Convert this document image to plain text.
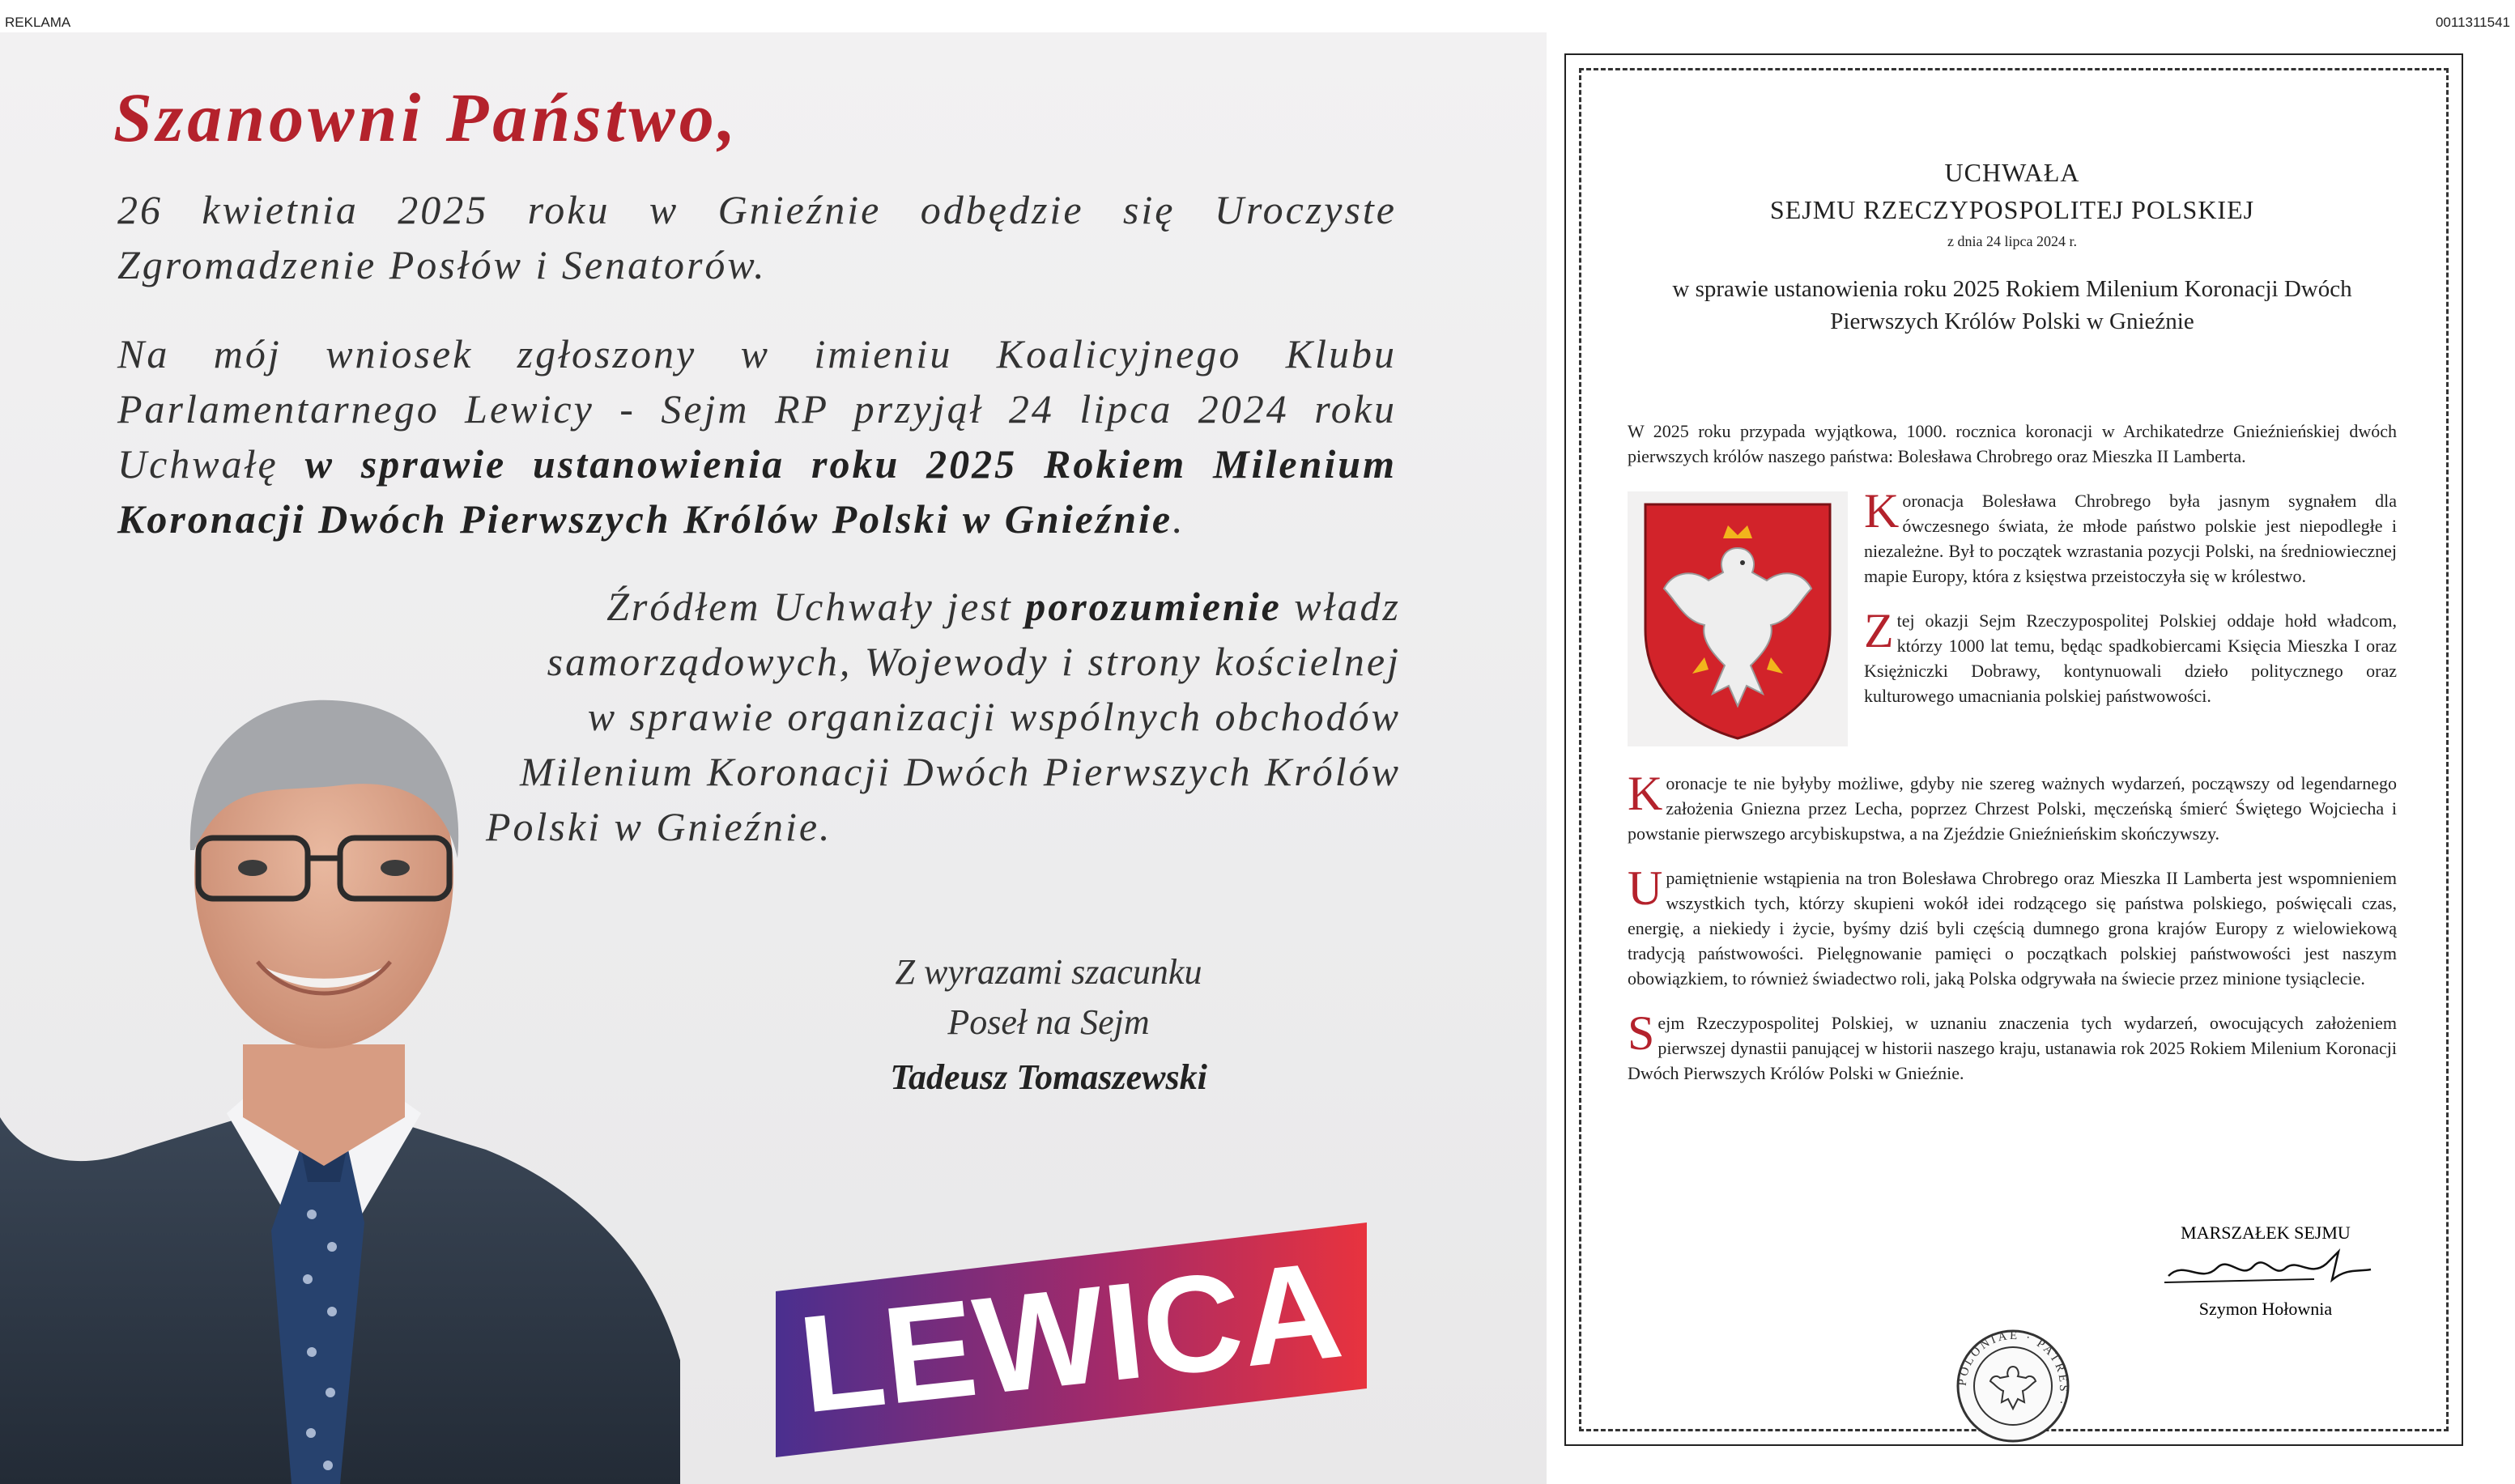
REKLAMA	0011311541
Szanowni Państwo,
26 kwietnia 2025 roku w Gnieźnie odbędzie się Uroczyste Zgromadzenie Posłów i Senatorów.
Na mój wniosek zgłoszony w imieniu Koalicyjnego Klubu Parlamentarnego Lewicy - Sejm RP przyjął 24 lipca 2024 roku Uchwałę w sprawie ustanowienia roku 2025 Rokiem Milenium Koronacji Dwóch Pierwszych Królów Polski w Gnieźnie.
Źródłem Uchwały jest porozumienie władz
samorządowych, Wojewody i strony kościelnej
w sprawie organizacji wspólnych obchodów
Milenium Koronacji Dwóch Pierwszych Królów
Polski w Gnieźnie.
Z wyrazami szacunku
Poseł na Sejm
Tadeusz Tomaszewski
LEWICA
UCHWAŁA
SEJMU RZECZYPOSPOLITEJ POLSKIEJ
z dnia 24 lipca 2024 r.
w sprawie ustanowienia roku 2025 Rokiem Milenium Koronacji Dwóch Pierwszych Królów Polski w Gnieźnie
W 2025 roku przypada wyjątkowa, 1000. rocznica koronacji w Archikatedrze Gnieźnieńskiej dwóch pierwszych królów naszego państwa: Bolesława Chrobrego oraz Mieszka II Lamberta.
Koronacja Bolesława Chrobrego była jasnym sygnałem dla ówczesnego świata, że młode państwo polskie jest niepodległe i niezależne. Był to początek wzrastania pozycji Polski, na średniowiecznej mapie Europy, która z księstwa przeistoczyła się w królestwo.
Z tej okazji Sejm Rzeczypospolitej Polskiej oddaje hołd władcom, którzy 1000 lat temu, będąc spadkobiercami Księcia Mieszka I oraz Księżniczki Dobrawy, kontynuowali dzieło politycznego oraz kulturowego umacniania polskiej państwowości.
Koronacje te nie byłyby możliwe, gdyby nie szereg ważnych wydarzeń, począwszy od legendarnego założenia Gniezna przez Lecha, poprzez Chrzest Polski, męczeńską śmierć Świętego Wojciecha i powstanie pierwszego arcybiskupstwa, a na Zjeździe Gnieźnieńskim skończywszy.
Upamiętnienie wstąpienia na tron Bolesława Chrobrego oraz Mieszka II Lamberta jest wspomnieniem wszystkich tych, którzy skupieni wokół idei rodzącego się państwa polskiego, poświęcali czas, energię, a niekiedy i życie, byśmy dziś byli częścią dumnego grona krajów Europy z wielowiekową tradycją państwowości. Pielęgnowanie pamięci o początkach polskiej państwowości jest naszym obowiązkiem, to również świadectwo roli, jaką Polska odgrywała na świecie przez minione tysiąclecie.
Sejm Rzeczypospolitej Polskiej, w uznaniu znaczenia tych wydarzeń, owocujących założeniem pierwszej dynastii panującej w historii naszego kraju, ustanawia rok 2025 Rokiem Milenium Koronacji Dwóch Pierwszych Królów Polski w Gnieźnie.
MARSZAŁEK SEJMU
Szymon Hołownia
POLONIAE · PATRES ·
